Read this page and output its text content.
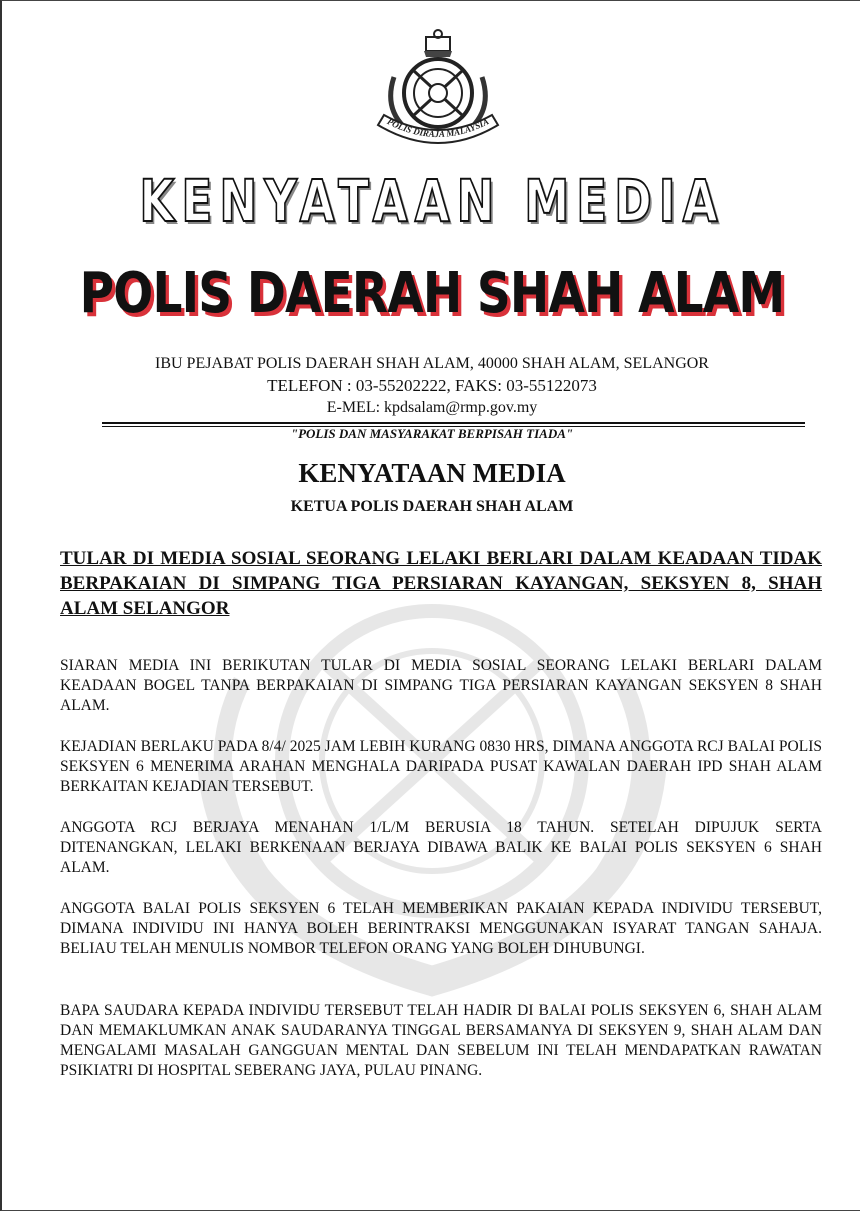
POLIS DIRAJA MALAYSIA
KENYATAAN MEDIA
POLIS DAERAH SHAH ALAM
IBU PEJABAT POLIS DAERAH SHAH ALAM, 40000 SHAH ALAM, SELANGOR
TELEFON : 03-55202222, FAKS: 03-55122073
E-MEL: kpdsalam@rmp.gov.my
"POLIS DAN MASYARAKAT BERPISAH TIADA"
KENYATAAN MEDIA
KETUA POLIS DAERAH SHAH ALAM
TULAR DI MEDIA SOSIAL SEORANG LELAKI BERLARI DALAM KEADAAN TIDAK BERPAKAIAN DI SIMPANG TIGA PERSIARAN KAYANGAN, SEKSYEN 8, SHAH ALAM SELANGOR
SIARAN MEDIA INI BERIKUTAN TULAR DI MEDIA SOSIAL SEORANG LELAKI BERLARI DALAM KEADAAN BOGEL TANPA BERPAKAIAN DI SIMPANG TIGA PERSIARAN KAYANGAN SEKSYEN 8 SHAH ALAM.
KEJADIAN BERLAKU PADA 8/4/ 2025 JAM LEBIH KURANG 0830 HRS, DIMANA ANGGOTA RCJ BALAI POLIS SEKSYEN 6 MENERIMA ARAHAN MENGHALA DARIPADA PUSAT KAWALAN DAERAH IPD SHAH ALAM BERKAITAN KEJADIAN TERSEBUT.
ANGGOTA RCJ BERJAYA MENAHAN 1/L/M BERUSIA 18 TAHUN. SETELAH DIPUJUK SERTA DITENANGKAN, LELAKI BERKENAAN BERJAYA DIBAWA BALIK KE BALAI POLIS SEKSYEN 6 SHAH ALAM.
ANGGOTA BALAI POLIS SEKSYEN 6 TELAH MEMBERIKAN PAKAIAN KEPADA INDIVIDU TERSEBUT, DIMANA INDIVIDU INI HANYA BOLEH BERINTRAKSI MENGGUNAKAN ISYARAT TANGAN SAHAJA. BELIAU TELAH MENULIS NOMBOR TELEFON ORANG YANG BOLEH DIHUBUNGI.
BAPA SAUDARA KEPADA INDIVIDU TERSEBUT TELAH HADIR DI BALAI POLIS SEKSYEN 6, SHAH ALAM DAN MEMAKLUMKAN ANAK SAUDARANYA TINGGAL BERSAMANYA DI SEKSYEN 9, SHAH ALAM DAN MENGALAMI MASALAH GANGGUAN MENTAL DAN SEBELUM INI TELAH MENDAPATKAN RAWATAN PSIKIATRI DI HOSPITAL SEBERANG JAYA, PULAU PINANG.
